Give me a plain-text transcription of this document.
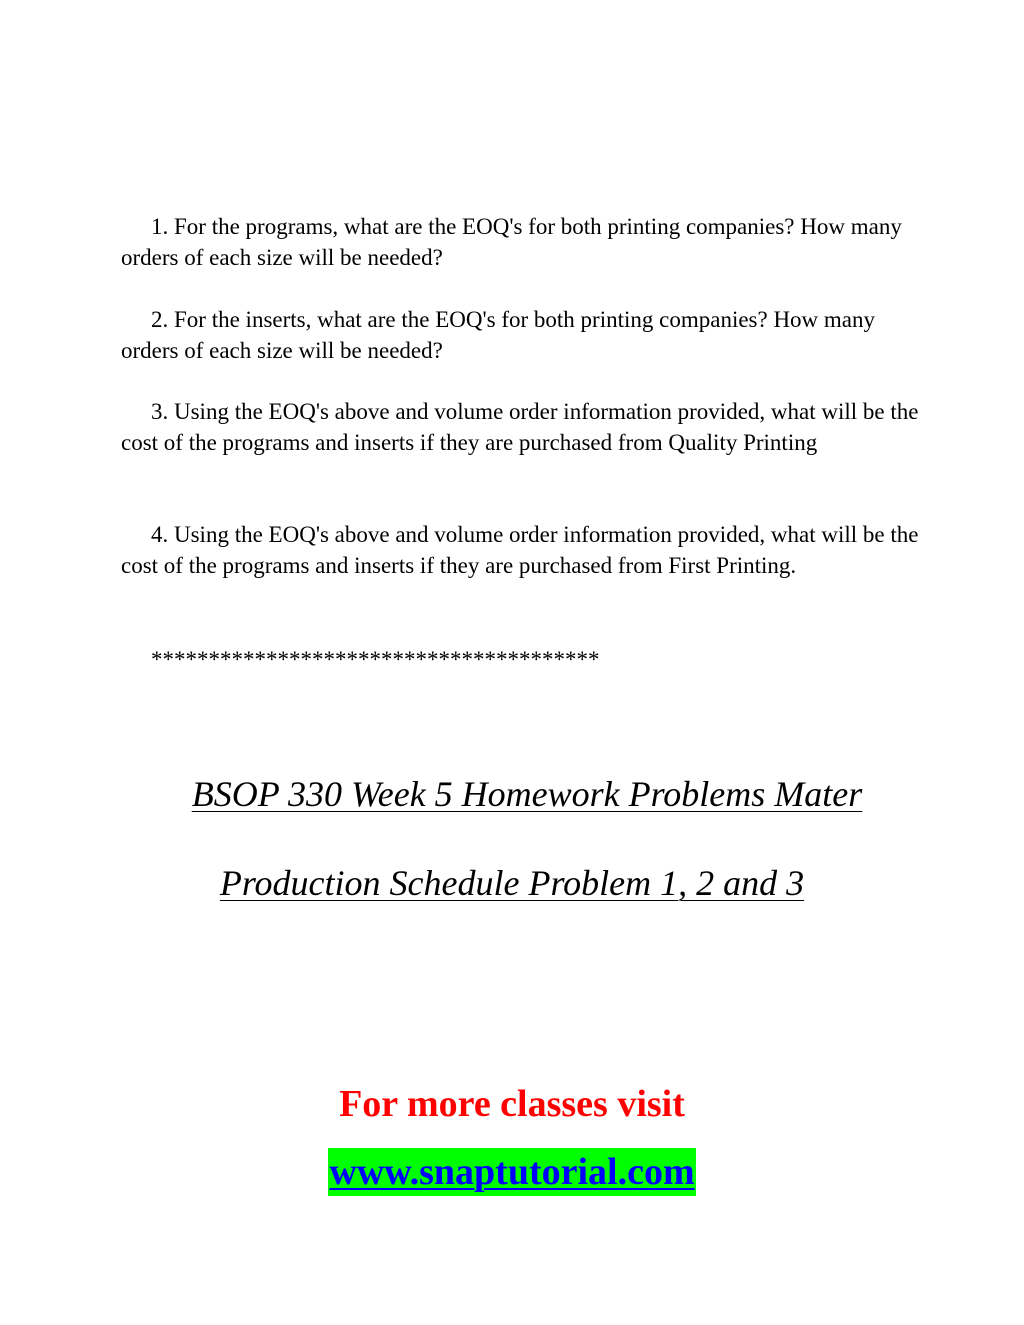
1. For the programs, what are the EOQ's for both printing companies? How many orders of each size will be needed?

2. For the inserts, what are the EOQ's for both printing companies? How many orders of each size will be needed?

3. Using the EOQ's above and volume order information provided, what will be the cost of the programs and inserts if they are purchased from Quality Printing

4. Using the EOQ's above and volume order information provided, what will be the cost of the programs and inserts if they are purchased from First Printing.

***************************************
BSOP 330 Week 5 Homework Problems Mater
Production Schedule Problem 1, 2 and 3
For more classes visit
www.snaptutorial.com
